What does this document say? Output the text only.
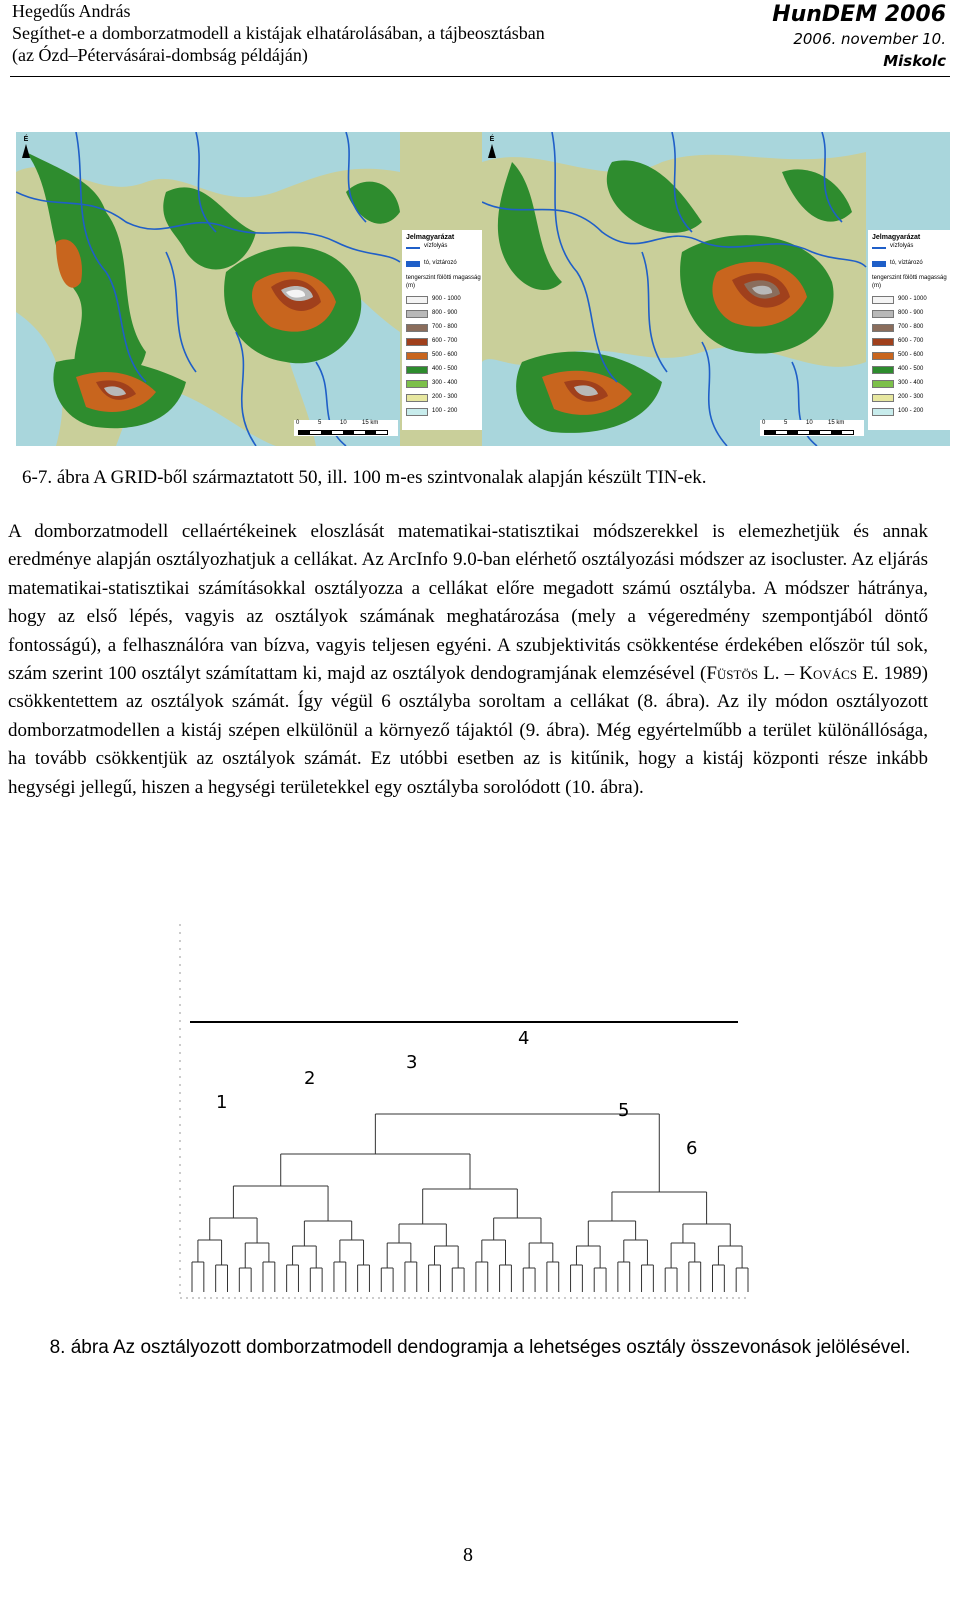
Hegedűs András
Segíthet-e a domborzatmodell a kistájak elhatárolásában, a tájbeosztásban
(az Ózd–Pétervásárai-dombság példáján)
HunDEM 2006
2006. november 10.
Miskolc
É
Jelmagyarázat
vízfolyás
tó, víztározó
tengerszint fölötti magasság (m)
900 - 1000
800 - 900
700 - 800
600 - 700
500 - 600
400 - 500
300 - 400
200 - 300
100 - 200
0	5	10	15 km
É
Jelmagyarázat
vízfolyás
tó, víztározó
tengerszint fölötti magasság (m)
900 - 1000
800 - 900
700 - 800
600 - 700
500 - 600
400 - 500
300 - 400
200 - 300
100 - 200
0	5	10	15 km
6-7. ábra A GRID-ből származtatott 50, ill. 100 m-es szintvonalak alapján készült TIN-ek.
A domborzatmodell cellaértékeinek eloszlását matematikai-statisztikai módszerekkel is elemezhetjük és annak eredménye alapján osztályozhatjuk a cellákat. Az ArcInfo 9.0-ban elérhető osztályozási módszer az isocluster. Az eljárás matematikai-statisztikai számításokkal osztályozza a cellákat előre megadott számú osztályba. A módszer hátránya, hogy az első lépés, vagyis az osztályok számának meghatározása (mely a végeredmény szempontjából döntő fontosságú), a felhasználóra van bízva, vagyis teljesen egyéni. A szubjektivitás csökkentése érdekében először túl sok, szám szerint 100 osztályt számítattam ki, majd az osztályok dendogramjának elemzésével (Füstös L. – Kovács E. 1989) csökkentettem az osztályok számát. Így végül 6 osztályba soroltam a cellákat (8. ábra). Az ily módon osztályozott domborzatmodellen a kistáj szépen elkülönül a környező tájaktól (9. ábra). Még egyértelműbb a terület különállósága, ha tovább csökkentjük az osztályok számát. Ez utóbbi esetben az is kitűnik, hogy a kistáj központi része inkább hegységi jellegű, hiszen a hegységi területekkel egy osztályba sorolódott (10. ábra).
1
2
3
4
5
6
8. ábra Az osztályozott domborzatmodell dendogramja a lehetséges osztály összevonások jelölésével.
8
